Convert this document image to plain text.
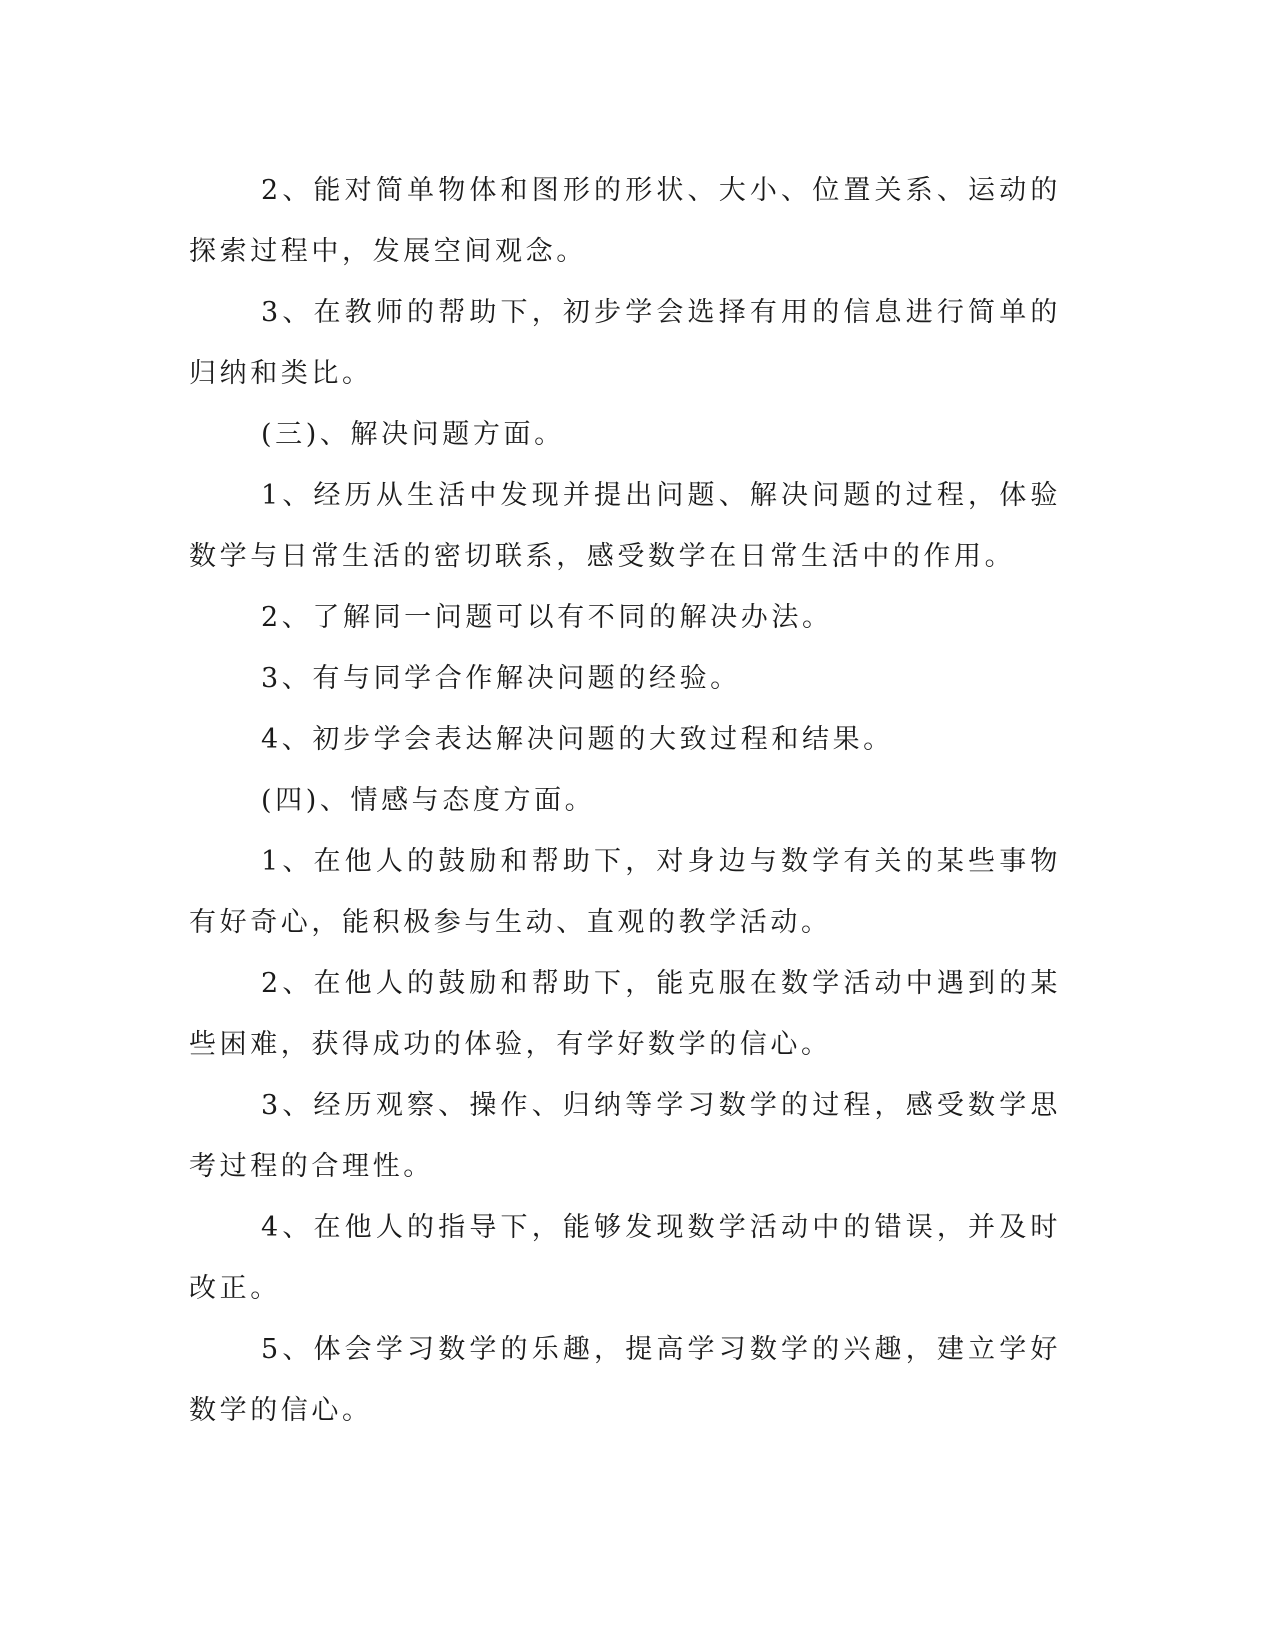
2、能对简单物体和图形的形状、大小、位置关系、运动的探索过程中，发展空间观念。

3、在教师的帮助下，初步学会选择有用的信息进行简单的归纳和类比。

(三)、解决问题方面。

1、经历从生活中发现并提出问题、解决问题的过程，体验数学与日常生活的密切联系，感受数学在日常生活中的作用。

2、了解同一问题可以有不同的解决办法。

3、有与同学合作解决问题的经验。

4、初步学会表达解决问题的大致过程和结果。

(四)、情感与态度方面。

1、在他人的鼓励和帮助下，对身边与数学有关的某些事物有好奇心，能积极参与生动、直观的教学活动。

2、在他人的鼓励和帮助下，能克服在数学活动中遇到的某些困难，获得成功的体验，有学好数学的信心。

3、经历观察、操作、归纳等学习数学的过程，感受数学思考过程的合理性。

4、在他人的指导下，能够发现数学活动中的错误，并及时改正。

5、体会学习数学的乐趣，提高学习数学的兴趣，建立学好数学的信心。
